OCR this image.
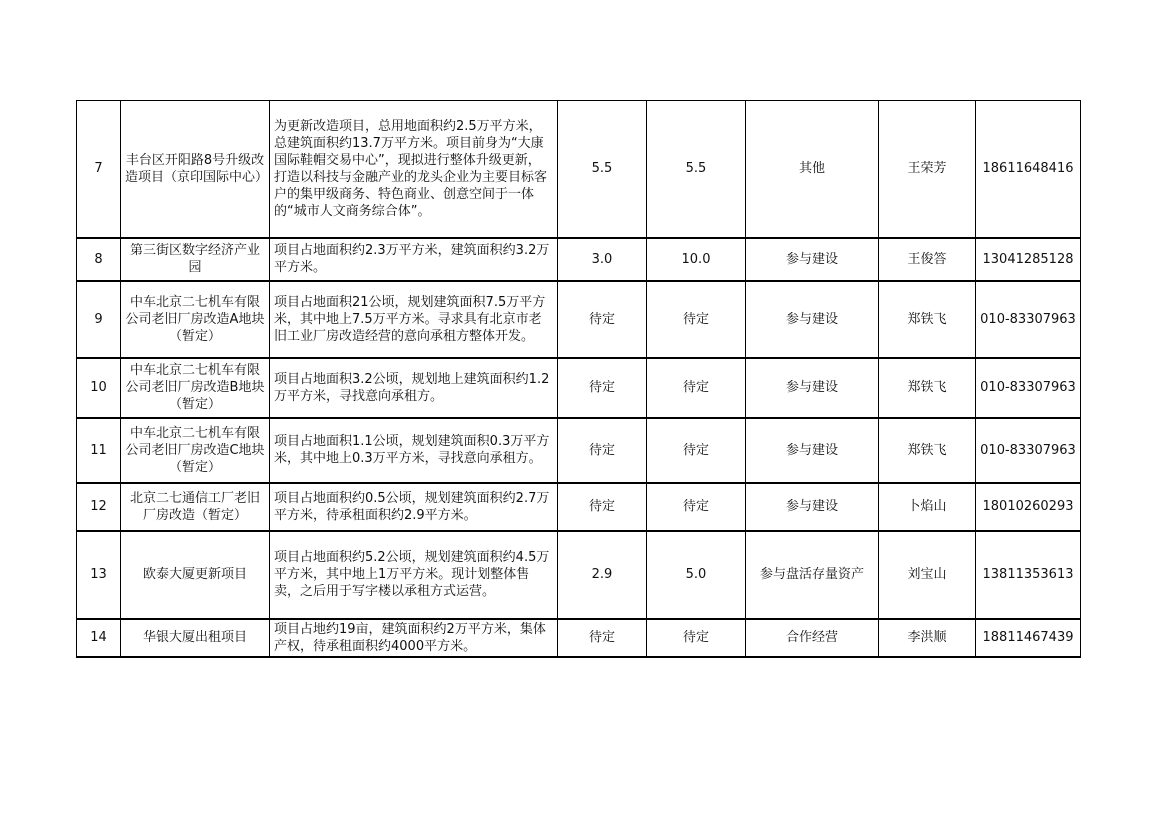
7	丰台区开阳路8号升级改造项目（京印国际中心）	为更新改造项目，总用地面积约2.5万平方米，总建筑面积约13.7万平方米。项目前身为“大康国际鞋帽交易中心”，现拟进行整体升级更新，打造以科技与金融产业的龙头企业为主要目标客户的集甲级商务、特色商业、创意空间于一体的“城市人文商务综合体”。	5.5	5.5	其他	王荣芳	18611648416
8	第三街区数字经济产业园	项目占地面积约2.3万平方米，建筑面积约3.2万平方米。	3.0	10.0	参与建设	王俊答	13041285128
9	中车北京二七机车有限公司老旧厂房改造A地块（暂定）	项目占地面积21公顷，规划建筑面积7.5万平方米，其中地上7.5万平方米。寻求具有北京市老旧工业厂房改造经营的意向承租方整体开发。	待定	待定	参与建设	郑铁飞	010-83307963
10	中车北京二七机车有限公司老旧厂房改造B地块（暂定）	项目占地面积3.2公顷，规划地上建筑面积约1.2万平方米，寻找意向承租方。	待定	待定	参与建设	郑铁飞	010-83307963
11	中车北京二七机车有限公司老旧厂房改造C地块（暂定）	项目占地面积1.1公顷，规划建筑面积0.3万平方米，其中地上0.3万平方米，寻找意向承租方。	待定	待定	参与建设	郑铁飞	010-83307963
12	北京二七通信工厂老旧厂房改造（暂定）	项目占地面积约0.5公顷，规划建筑面积约2.7万平方米，待承租面积约2.9平方米。	待定	待定	参与建设	卜焰山	18010260293
13	欧泰大厦更新项目	项目占地面积约5.2公顷，规划建筑面积约4.5万平方米，其中地上1万平方米。现计划整体售卖，之后用于写字楼以承租方式运营。	2.9	5.0	参与盘活存量资产	刘宝山	13811353613
14	华银大厦出租项目	项目占地约19亩，建筑面积约2万平方米，集体产权，待承租面积约4000平方米。	待定	待定	合作经营	李洪顺	18811467439
